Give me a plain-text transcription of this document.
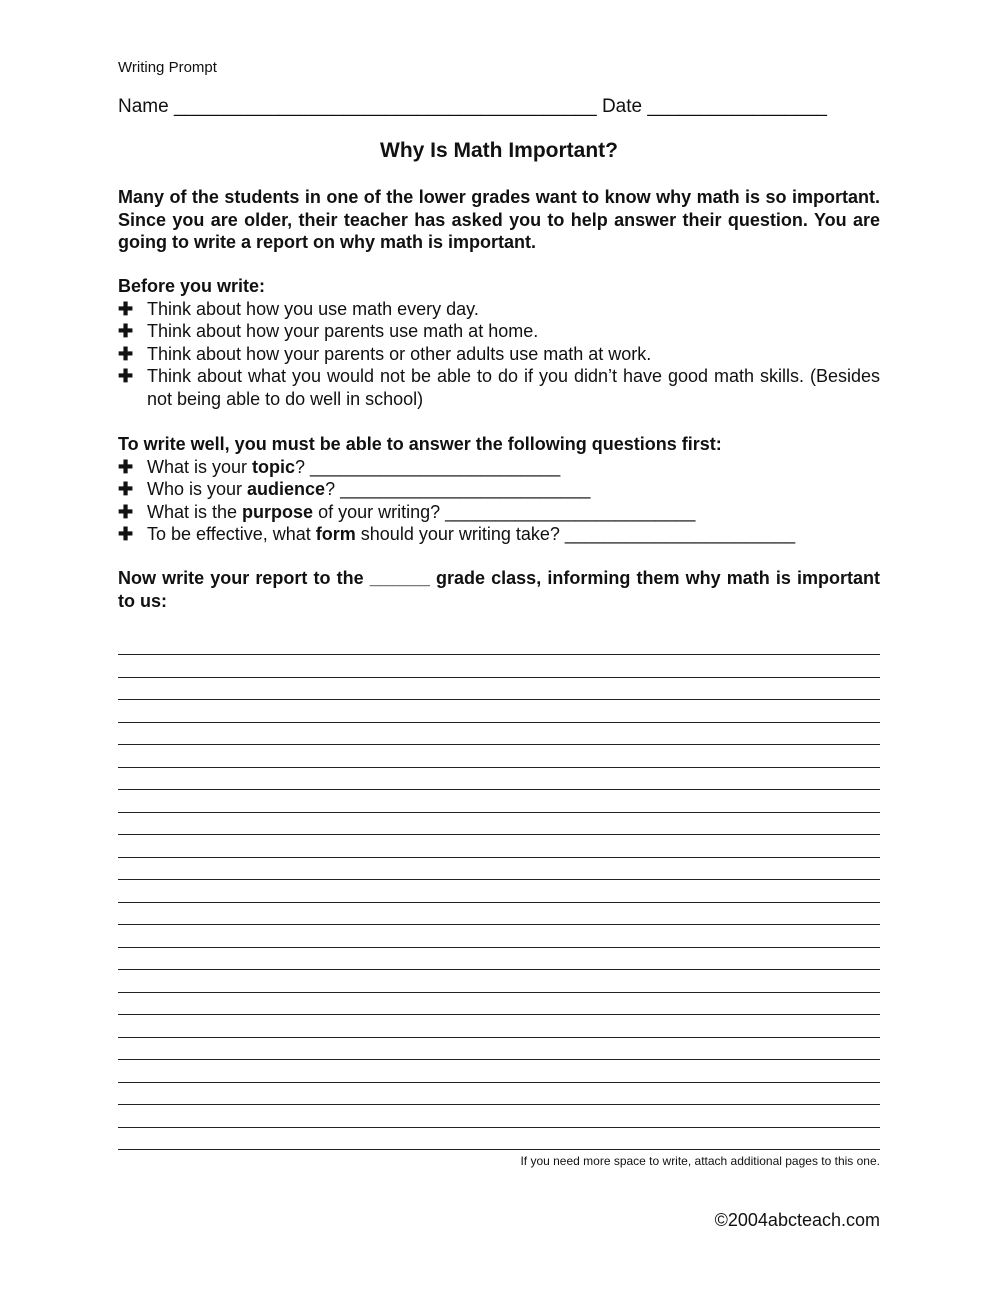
Writing Prompt
Name ________________________________________ Date _________________
Why Is Math Important?
Many of the students in one of the lower grades want to know why math is so important. Since you are older, their teacher has asked you to help answer their question. You are going to write a report on why math is important.
Before you write:
✚ Think about how you use math every day.
✚ Think about how your parents use math at home.
✚ Think about how your parents or other adults use math at work.
✚ Think about what you would not be able to do if you didn’t have good math skills. (Besides not being able to do well in school)
To write well, you must be able to answer the following questions first:
✚ What is your topic? _________________________
✚ Who is your audience? _________________________
✚ What is the purpose of your writing? _________________________
✚ To be effective, what form should your writing take? _______________________
Now write your report to the ______ grade class, informing them why math is important to us:
If you need more space to write, attach additional pages to this one.
©2004abcteach.com
